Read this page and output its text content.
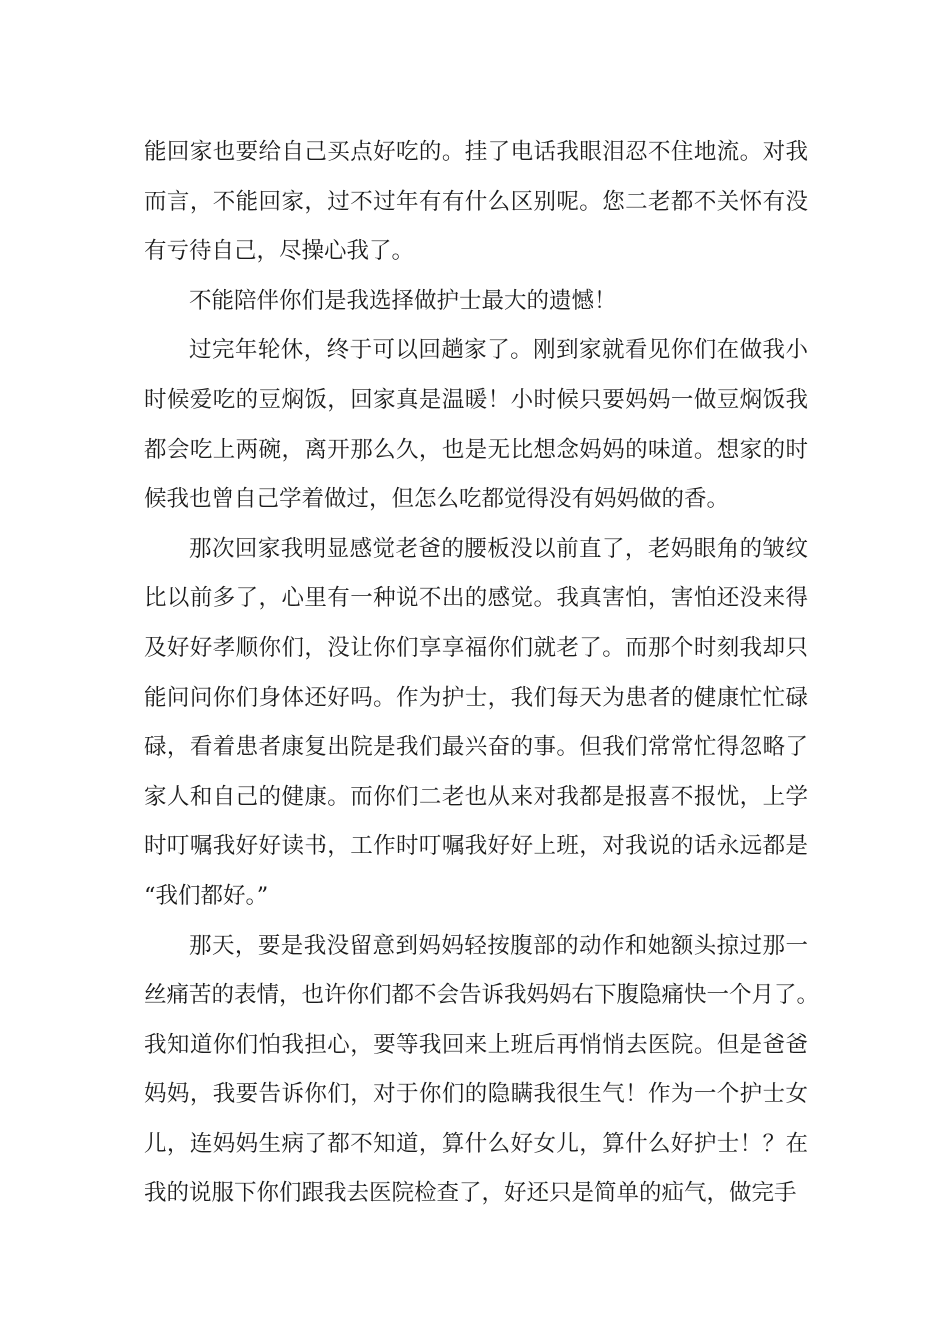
能回家也要给自己买点好吃的。挂了电话我眼泪忍不住地流。对我
而言，不能回家，过不过年有有什么区别呢。您二老都不关怀有没
有亏待自己，尽操心我了。

不能陪伴你们是我选择做护士最大的遗憾！

过完年轮休，终于可以回趟家了。刚到家就看见你们在做我小
时候爱吃的豆焖饭，回家真是温暖！小时候只要妈妈一做豆焖饭我
都会吃上两碗，离开那么久，也是无比想念妈妈的味道。想家的时
候我也曾自己学着做过，但怎么吃都觉得没有妈妈做的香。

那次回家我明显感觉老爸的腰板没以前直了，老妈眼角的皱纹
比以前多了，心里有一种说不出的感觉。我真害怕，害怕还没来得
及好好孝顺你们，没让你们享享福你们就老了。而那个时刻我却只
能问问你们身体还好吗。作为护士，我们每天为患者的健康忙忙碌
碌，看着患者康复出院是我们最兴奋的事。但我们常常忙得忽略了
家人和自己的健康。而你们二老也从来对我都是报喜不报忧，上学
时叮嘱我好好读书，工作时叮嘱我好好上班，对我说的话永远都是
“我们都好。”

那天，要是我没留意到妈妈轻按腹部的动作和她额头掠过那一
丝痛苦的表情，也许你们都不会告诉我妈妈右下腹隐痛快一个月了。
我知道你们怕我担心，要等我回来上班后再悄悄去医院。但是爸爸
妈妈，我要告诉你们，对于你们的隐瞒我很生气！作为一个护士女
儿，连妈妈生病了都不知道，算什么好女儿，算什么好护士！？在
我的说服下你们跟我去医院检查了，好还只是简单的疝气，做完手
